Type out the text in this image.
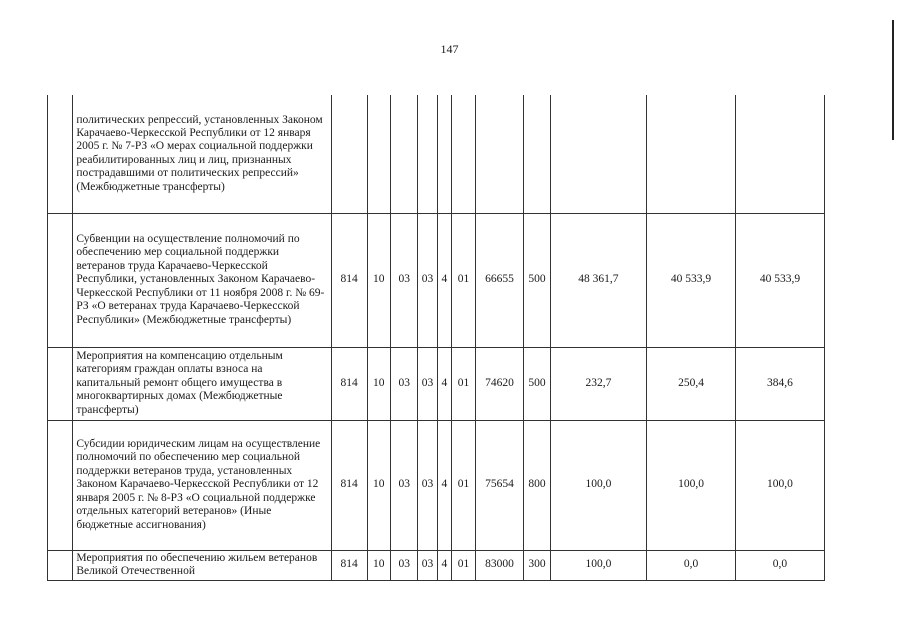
147
	политических репрессий, установленных Законом Карачаево-Черкесской Республики от 12 января 2005 г. № 7-РЗ «О мерах социальной поддержки реабилитированных лиц и лиц, признанных пострадавшими от политических репрессий» (Межбюджетные трансферты)											
	Субвенции на осуществление полномочий по обеспечению мер социальной поддержки ветеранов труда Карачаево-Черкесской Республики, установленных Законом Карачаево-Черкесской Республики от 11 ноября 2008 г. № 69-РЗ «О ветеранах труда Карачаево-Черкесской Республики» (Межбюджетные трансферты)	814	10	03	03	4	01	66655	500	48 361,7	40 533,9	40 533,9
	Мероприятия на компенсацию отдельным категориям граждан оплаты взноса на капитальный ремонт общего имущества в многоквартирных домах (Межбюджетные трансферты)	814	10	03	03	4	01	74620	500	232,7	250,4	384,6
	Субсидии юридическим лицам на осуществление полномочий по обеспечению мер социальной поддержки ветеранов труда, установленных Законом Карачаево-Черкесской Республики от 12 января 2005 г. № 8-РЗ «О социальной поддержке отдельных категорий ветеранов» (Иные бюджетные ассигнования)	814	10	03	03	4	01	75654	800	100,0	100,0	100,0
	Мероприятия по обеспечению жильем ветеранов Великой Отечественной	814	10	03	03	4	01	83000	300	100,0	0,0	0,0
